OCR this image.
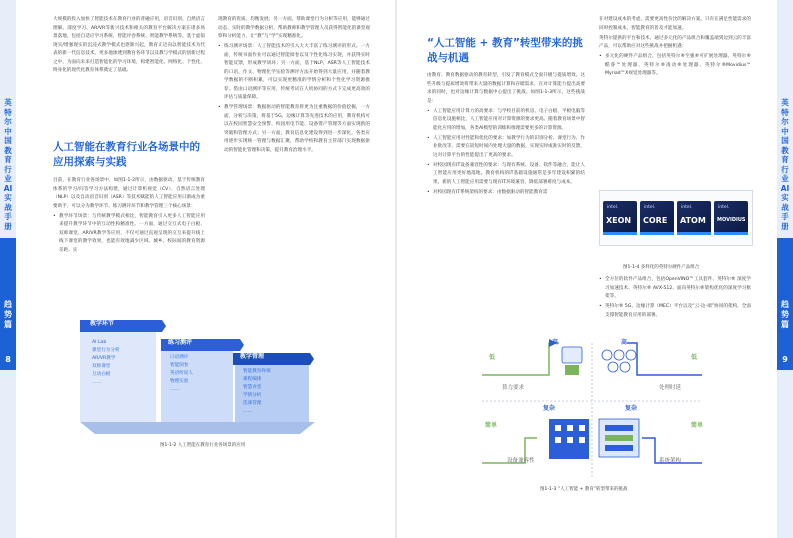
英特尔中国教育行业AI实战手册
趋势篇
8

大规模的投入加快了智能技术在教育行业的普融应用，语音识别、自然语言理解、深度学习、AR/VR等新兴技术和相关的教育平台解决方案在诸多场景落地，包括自适应学习系统、智能评卷系统、智能教学系统等。基于虚拟现实/增强现实的沉浸式教学模式也逐渐兴起，教育正迈向以智能技术为代表的新一代信息技术，更多地渗透到教育各环节以及教与学模式的创新过程之中，为面向未来打造智能化的学习环境，构建智能化、网络化、个性化、终身化的现代化教育体系奠定了基础。

人工智能在教育行业各场景中的应用探索与实践

目前，在教育行业各场景中，如图1-1-2所示，由数据驱动，基于传统教育体系的学习/问答学习方法构建，通过计算机视觉（CV）、自然语言处理（NLP）以及自动语音识别（ASR）等技术赋能的人工智能应用日渐成为重要助手，可以分为教学环节、练习测评环节和教学管理三个核心场景：

• 教学环节场景：与传统教学模式相比，智能教育引入更多人工智能应用来提升教学环节中的互动性和精准性。一方面，通过交互式电子白板、双师课堂、AR/VR教学等应用，不仅可通过直观呈现的交互来提升线上线下课堂的教学效果，也能有效地减少区域、城乡、校际间的教育资源差距。实

现教育的优质、均衡发展；另一方面，帮助课堂行为分析等应用，能够通过动态、实时的教学数据分析，帮助教师和教学管理人员获得智能化的课堂观察和分析能力，让“教”与“学”实现精准化。

• 练习测评场景：人工智能技术的引入大大丰富了练习测评的形式。一方面，传统书面作业可以通过智能阅卷以及个性化练习实现，并获得实时智能反馈，形成教学闭环；另一方面，基于NLP、ASR等人工智能技术的口语、作文、物理化学实验等测评方法开始得到大量应用，并随着教学数据的不断积累，可以实现更精准的学情分析和个性化学习资源推荐。借由口语测评等应用，传统考试在人机协同的方式下完成更高效的评估与质量保障。
• 教学管理场景：数据驱动的智能教育将更为注重数据的价值挖掘，一方面，分析与决策，将基于5G、边缘计算等先进技术的应用，教育机构可以在校园智慧安全预警、校园用电节能、设备资产管理等方面实现新的突破和管理方式；另一方面，教育信息化建设得到进一步深化，各类应用逐步实现统一管理与数据汇聚，帮助学校和教育主管部门实现数据驱动的智能化管理和决策，提升教育治理水平。
教学环节
练习测评
教学管理
AI Lab
课堂行为分析
AR/VR教学
双师课堂
互动白板
……
口语测评
智能阅卷
英语听说人
物理实验
……
智能教育终端
课程编排
智慧食堂
学情分析
选课管理
……
图1-1-2 人工智能在教育行业各场景的应用
“人工智能 + 教育”转型带来的挑战与机遇

由教育、教育数据驱动的教育转型，引发了教育模式全面升级与提质增效。这些升级与提质增效将带来大量的数据计算和存储需求，在对计算能力提出高要求的同时，也对边缘计算与数据中心提出了挑战。如图1-1-3所示，这些挑战是：

• 人工智能应用计算力的高要求：与学校目前的机房、电子白板、平板电脑等信息化设施相比，人工智能应用对计算资源的要求更高。随着教育场景中智能化应用的增加，各类AI模型的训练和推理需要更多的计算资源。
• 人工智能应用对性能和优化的要求：如教学行为的识别分析、课堂行为、作业批改等，需要在较短时间内处理大量的数据，实现实时或准实时的反馈，这对计算平台的性能提出了更高的要求。
• 对校园现有IT设备兼容性的要求：与现有系统、设备、软件等融合，能让人工智能应用更好地落地。教育机构的IT基础设施通常是多年建设积累的结果，新的人工智能应用需要与现有IT环境兼容，降低部署难度与成本。
• 对校园现有IT系统架构的要求：由数据驱动的智能教育需

在对建设成本的考虑，需要更高性价比的解决方案。只有在满足性能需求的同时控制成本，智能教育的普及才能加速。

英特尔提供的平台和技术，通过多元化的产品组合和覆盖端到边到云的丰富产品，可以帮助应对这些挑战并把握机遇：

• 多元化的硬件产品组合，包括英特尔®至强®可扩展处理器、英特尔®酷睿™处理器、英特尔®凌动®处理器、英特尔®Movidius™ Myriad™X视觉处理器等。
intel.
XEON
intel.
CORE
intel.
ATOM
intel.
MOVIDIUS
图1-1-4 多样化的英特尔硬件产品组合
• 全方位的软件产品组合，包括OpenVINO™工具套件、英特尔® 深度学习加速技术、英特尔® AVX-512、面向英特尔®架构优化的深度学习框架等。
• 英特尔® 5G、边缘计算（MEC）平台以及“云-边-端”协同的架构，全面支撑智能教育应用的部署。
低
高	高
低
算力要求	处理时延
复杂
简单
复杂
简单
设备兼容性	系统架构
图1-1-3 “人工智能 + 教育”转型带来的挑战
英特尔中国教育行业AI实战手册
趋势篇
9
